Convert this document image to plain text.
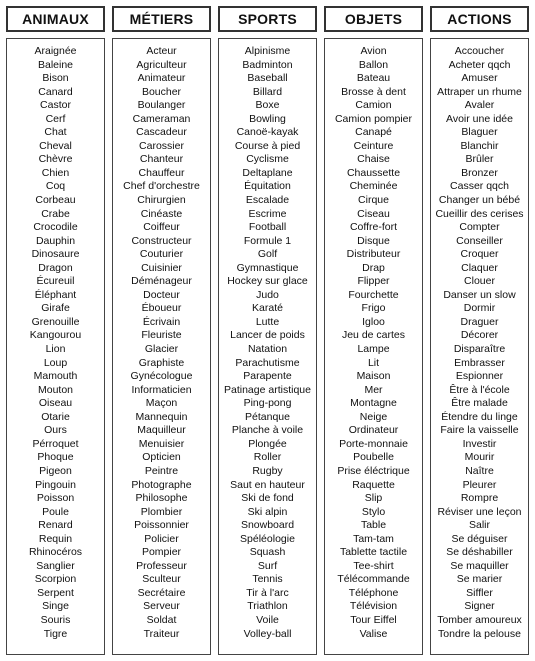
ANIMAUX
Araignée
Baleine
Bison
Canard
Castor
Cerf
Chat
Cheval
Chèvre
Chien
Coq
Corbeau
Crabe
Crocodile
Dauphin
Dinosaure
Dragon
Écureuil
Éléphant
Girafe
Grenouille
Kangourou
Lion
Loup
Mamouth
Mouton
Oiseau
Otarie
Ours
Pérroquet
Phoque
Pigeon
Pingouin
Poisson
Poule
Renard
Requin
Rhinocéros
Sanglier
Scorpion
Serpent
Singe
Souris
Tigre
MÉTIERS
Acteur
Agriculteur
Animateur
Boucher
Boulanger
Cameraman
Cascadeur
Carossier
Chanteur
Chauffeur
Chef d'orchestre
Chirurgien
Cinéaste
Coiffeur
Constructeur
Couturier
Cuisinier
Déménageur
Docteur
Éboueur
Écrivain
Fleuriste
Glacier
Graphiste
Gynécologue
Informaticien
Maçon
Mannequin
Maquilleur
Menuisier
Opticien
Peintre
Photographe
Philosophe
Plombier
Poissonnier
Policier
Pompier
Professeur
Sculteur
Secrétaire
Serveur
Soldat
Traiteur
SPORTS
Alpinisme
Badminton
Baseball
Billard
Boxe
Bowling
Canoë-kayak
Course à pied
Cyclisme
Deltaplane
Équitation
Escalade
Escrime
Football
Formule 1
Golf
Gymnastique
Hockey sur glace
Judo
Karaté
Lutte
Lancer de poids
Natation
Parachutisme
Parapente
Patinage artistique
Ping-pong
Pétanque
Planche à voile
Plongée
Roller
Rugby
Saut en hauteur
Ski de fond
Ski alpin
Snowboard
Spéléologie
Squash
Surf
Tennis
Tir à l'arc
Triathlon
Voile
Volley-ball
OBJETS
Avion
Ballon
Bateau
Brosse à dent
Camion
Camion pompier
Canapé
Ceinture
Chaise
Chaussette
Cheminée
Cirque
Ciseau
Coffre-fort
Disque
Distributeur
Drap
Flipper
Fourchette
Frigo
Igloo
Jeu de cartes
Lampe
Lit
Maison
Mer
Montagne
Neige
Ordinateur
Porte-monnaie
Poubelle
Prise éléctrique
Raquette
Slip
Stylo
Table
Tam-tam
Tablette tactile
Tee-shirt
Télécommande
Téléphone
Télévision
Tour Eiffel
Valise
ACTIONS
Accoucher
Acheter qqch
Amuser
Attraper un rhume
Avaler
Avoir une idée
Blaguer
Blanchir
Brûler
Bronzer
Casser qqch
Changer un bébé
Cueillir des cerises
Compter
Conseiller
Croquer
Claquer
Clouer
Danser un slow
Dormir
Draguer
Décorer
Disparaître
Embrasser
Espionner
Être à l'école
Être malade
Étendre du linge
Faire la vaisselle
Investir
Mourir
Naître
Pleurer
Rompre
Réviser une leçon
Salir
Se déguiser
Se déshabiller
Se maquiller
Se marier
Siffler
Signer
Tomber amoureux
Tondre la pelouse
